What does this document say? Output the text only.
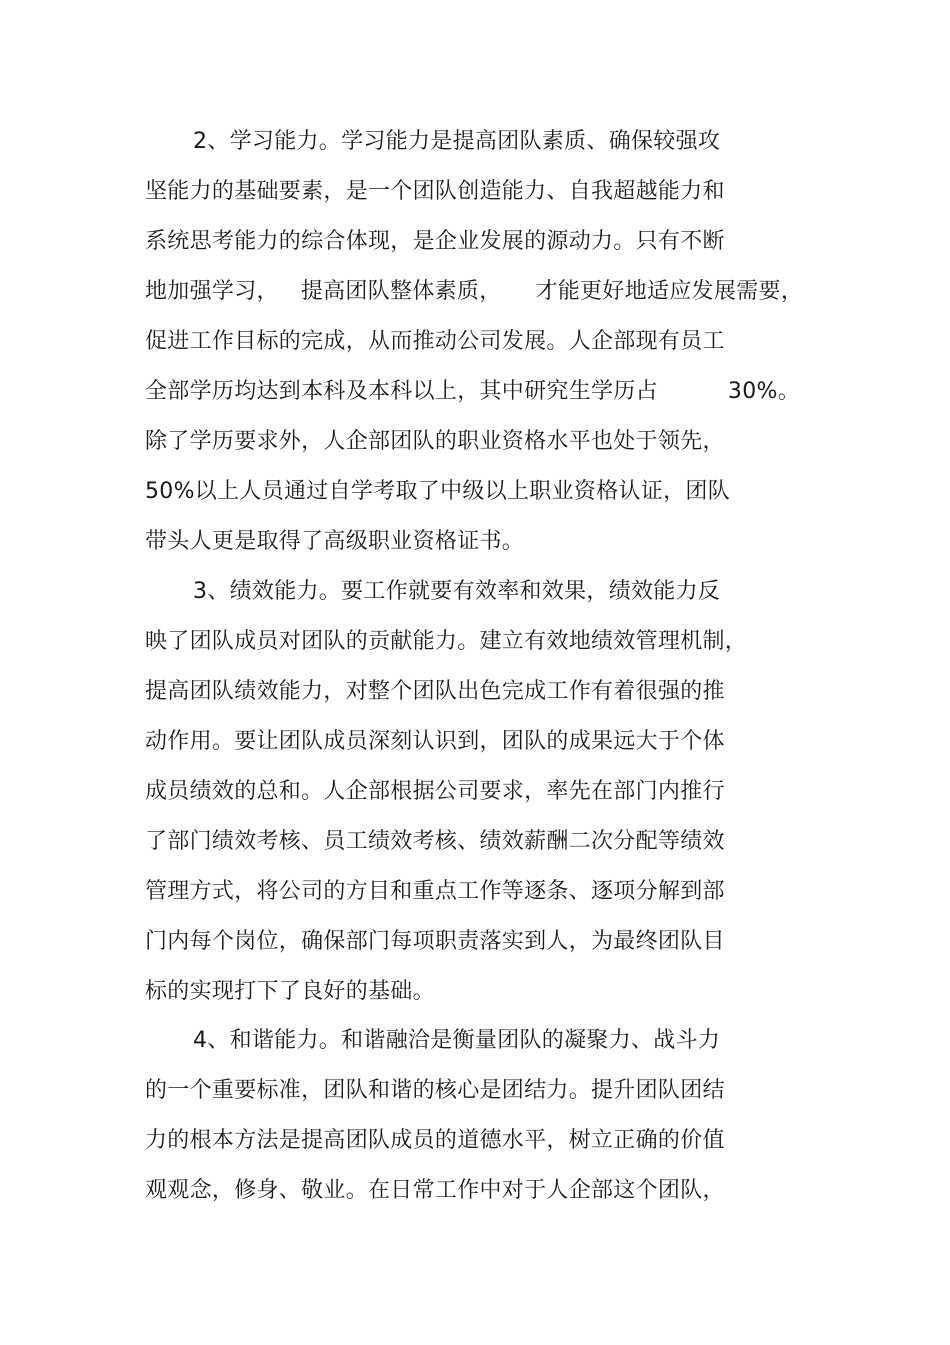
2、学习能力。学习能力是提高团队素质、确保较强攻
坚能力的基础要素，是一个团队创造能力、自我超越能力和
系统思考能力的综合体现，是企业发展的源动力。只有不断
地加强学习， 提高团队整体素质， 才能更好地适应发展需要，
促进工作目标的完成，从而推动公司发展。人企部现有员工
全部学历均达到本科及本科以上，其中研究生学历占	30%。
除了学历要求外，人企部团队的职业资格水平也处于领先，
50%以上人员通过自学考取了中级以上职业资格认证，团队
带头人更是取得了高级职业资格证书。
3、绩效能力。要工作就要有效率和效果，绩效能力反
映了团队成员对团队的贡献能力。建立有效地绩效管理机制，
提高团队绩效能力，对整个团队出色完成工作有着很强的推
动作用。要让团队成员深刻认识到，团队的成果远大于个体
成员绩效的总和。人企部根据公司要求，率先在部门内推行
了部门绩效考核、员工绩效考核、绩效薪酬二次分配等绩效
管理方式，将公司的方目和重点工作等逐条、逐项分解到部
门内每个岗位，确保部门每项职责落实到人，为最终团队目
标的实现打下了良好的基础。
4、和谐能力。和谐融洽是衡量团队的凝聚力、战斗力
的一个重要标准，团队和谐的核心是团结力。提升团队团结
力的根本方法是提高团队成员的道德水平，树立正确的价值
观观念，修身、敬业。在日常工作中对于人企部这个团队，
